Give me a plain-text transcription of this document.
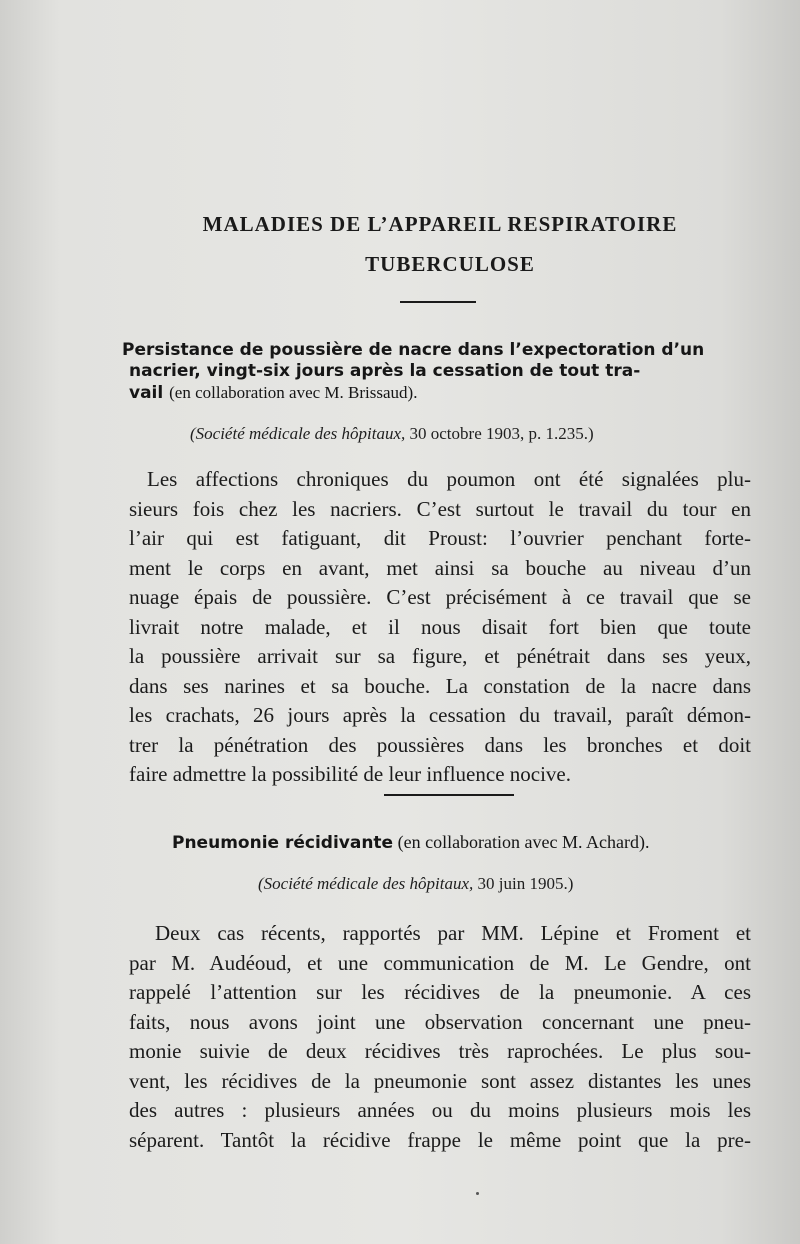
MALADIES DE L’APPAREIL RESPIRATOIRE
TUBERCULOSE
Persistance de poussière de nacre dans l’expectoration d’un
nacrier, vingt-six jours après la cessation de tout tra-
vail (en collaboration avec M. Brissaud).
(Société médicale des hôpitaux, 30 octobre 1903, p. 1.235.)
Les affections chroniques du poumon ont été signalées plu-
sieurs fois chez les nacriers. C’est surtout le travail du tour en
l’air qui est fatiguant, dit Proust: l’ouvrier penchant forte-
ment le corps en avant, met ainsi sa bouche au niveau d’un
nuage épais de poussière. C’est précisément à ce travail que se
livrait notre malade, et il nous disait fort bien que toute
la poussière arrivait sur sa figure, et pénétrait dans ses yeux,
dans ses narines et sa bouche. La constation de la nacre dans
les crachats, 26 jours après la cessation du travail, paraît démon-
trer la pénétration des poussières dans les bronches et doit
faire admettre la possibilité de leur influence nocive.
Pneumonie récidivante (en collaboration avec M. Achard).
(Société médicale des hôpitaux, 30 juin 1905.)
Deux cas récents, rapportés par MM. Lépine et Froment et
par M. Audéoud, et une communication de M. Le Gendre, ont
rappelé l’attention sur les récidives de la pneumonie. A ces
faits, nous avons joint une observation concernant une pneu-
monie suivie de deux récidives très raprochées. Le plus sou-
vent, les récidives de la pneumonie sont assez distantes les unes
des autres : plusieurs années ou du moins plusieurs mois les
séparent. Tantôt la récidive frappe le même point que la pre-
